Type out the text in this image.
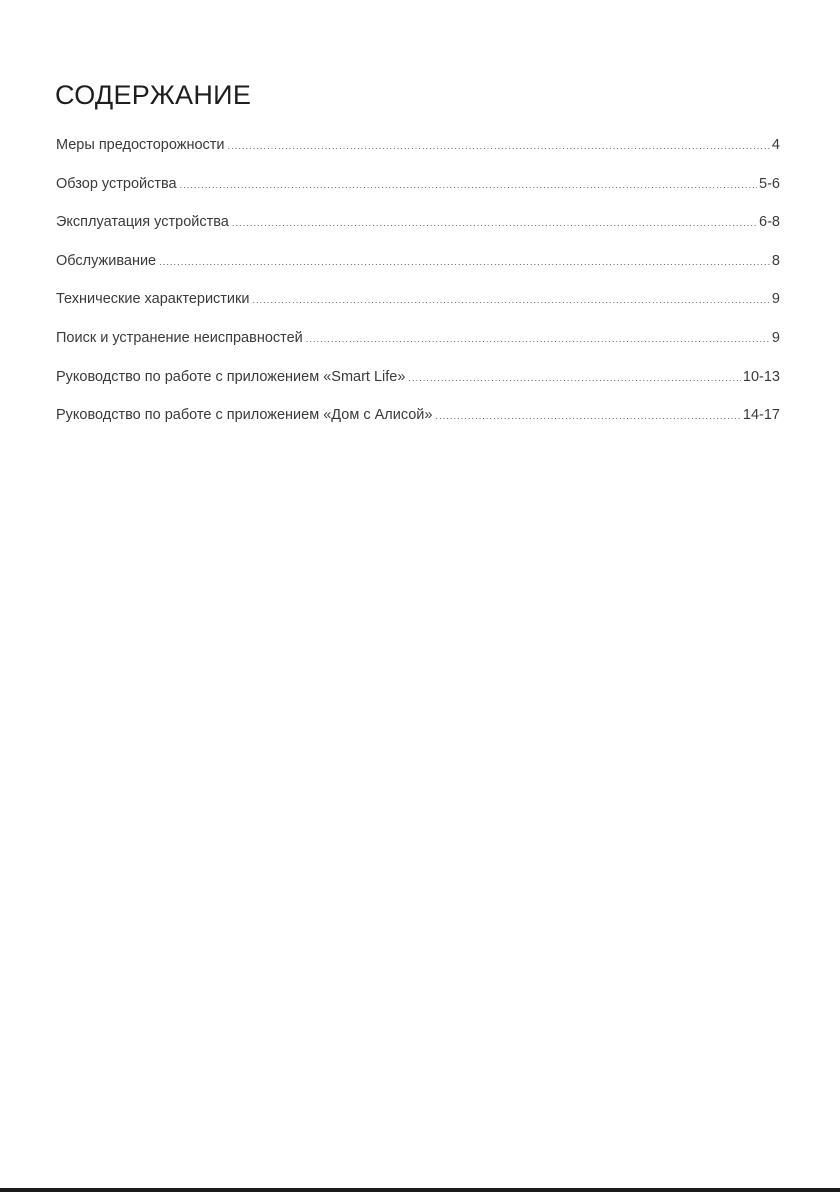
СОДЕРЖАНИЕ
Меры предосторожности .....	4
Обзор устройства .....	5-6
Эксплуатация устройства .....	6-8
Обслуживание .....	8
Технические характеристики .....	9
Поиск и устранение неисправностей .....	9
Руководство по работе с приложением «Smart Life» .....	10-13
Руководство по работе с приложением «Дом с Алисой» .....	14-17
